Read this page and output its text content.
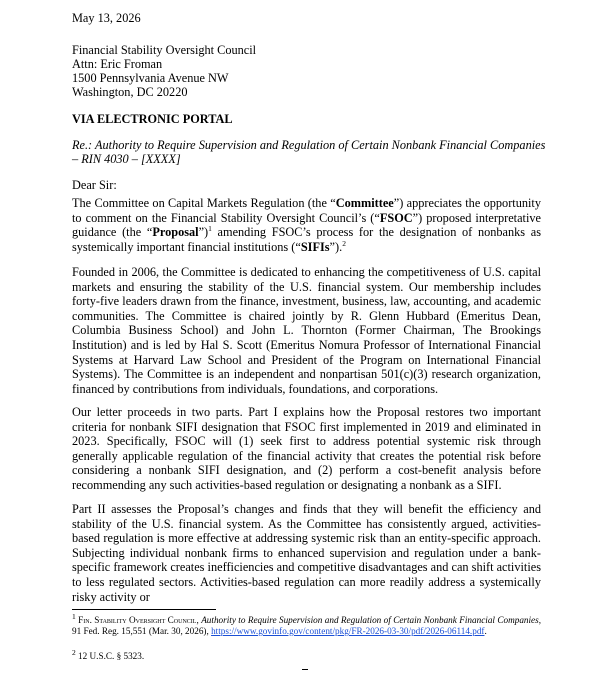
May 13, 2026
Financial Stability Oversight Council
Attn: Eric Froman
1500 Pennsylvania Avenue NW
Washington, DC 20220
VIA ELECTRONIC PORTAL
Re.: Authority to Require Supervision and Regulation of Certain Nonbank Financial Companies
– RIN 4030 – [XXXX]
Dear Sir:

The Committee on Capital Markets Regulation (the “Committee”) appreciates the opportunity to comment on the Financial Stability Oversight Council’s (“FSOC”) proposed interpretative guidance (the “Proposal”)$^1$ amending FSOC’s process for the designation of nonbanks as systemically important financial institutions (“SIFIs”).$^2$

Founded in 2006, the Committee is dedicated to enhancing the competitiveness of U.S. capital markets and ensuring the stability of the U.S. financial system. Our membership includes forty-five leaders drawn from the finance, investment, business, law, accounting, and academic communities. The Committee is chaired jointly by R. Glenn Hubbard (Emeritus Dean, Columbia Business School) and John L. Thornton (Former Chairman, The Brookings Institution) and is led by Hal S. Scott (Emeritus Nomura Professor of International Financial Systems at Harvard Law School and President of the Program on International Financial Systems). The Committee is an independent and nonpartisan 501(c)(3) research organization, financed by contributions from individuals, foundations, and corporations.

Our letter proceeds in two parts. Part I explains how the Proposal restores two important criteria for nonbank SIFI designation that FSOC first implemented in 2019 and eliminated in 2023. Specifically, FSOC will (1) seek first to address potential systemic risk through generally applicable regulation of the financial activity that creates the potential risk before considering a nonbank SIFI designation, and (2) perform a cost-benefit analysis before recommending any such activities-based regulation or designating a nonbank as a SIFI.

Part II assesses the Proposal’s changes and finds that they will benefit the efficiency and stability of the U.S. financial system. As the Committee has consistently argued, activities-based regulation is more effective at addressing systemic risk than an entity-specific approach. Subjecting individual nonbank firms to enhanced supervision and regulation under a bank-specific framework creates inefficiencies and competitive disadvantages and can shift activities to less regulated sectors. Activities-based regulation can more readily address a systemically risky activity or

$^1$ Fin. Stability Oversight Council, Authority to Require Supervision and Regulation of Certain Nonbank Financial Companies, 91 Fed. Reg. 15,551 (Mar. 30, 2026), https://www.govinfo.gov/content/pkg/FR-2026-03-30/pdf/2026-06114.pdf.
$^2$ 12 U.S.C. § 5323.
